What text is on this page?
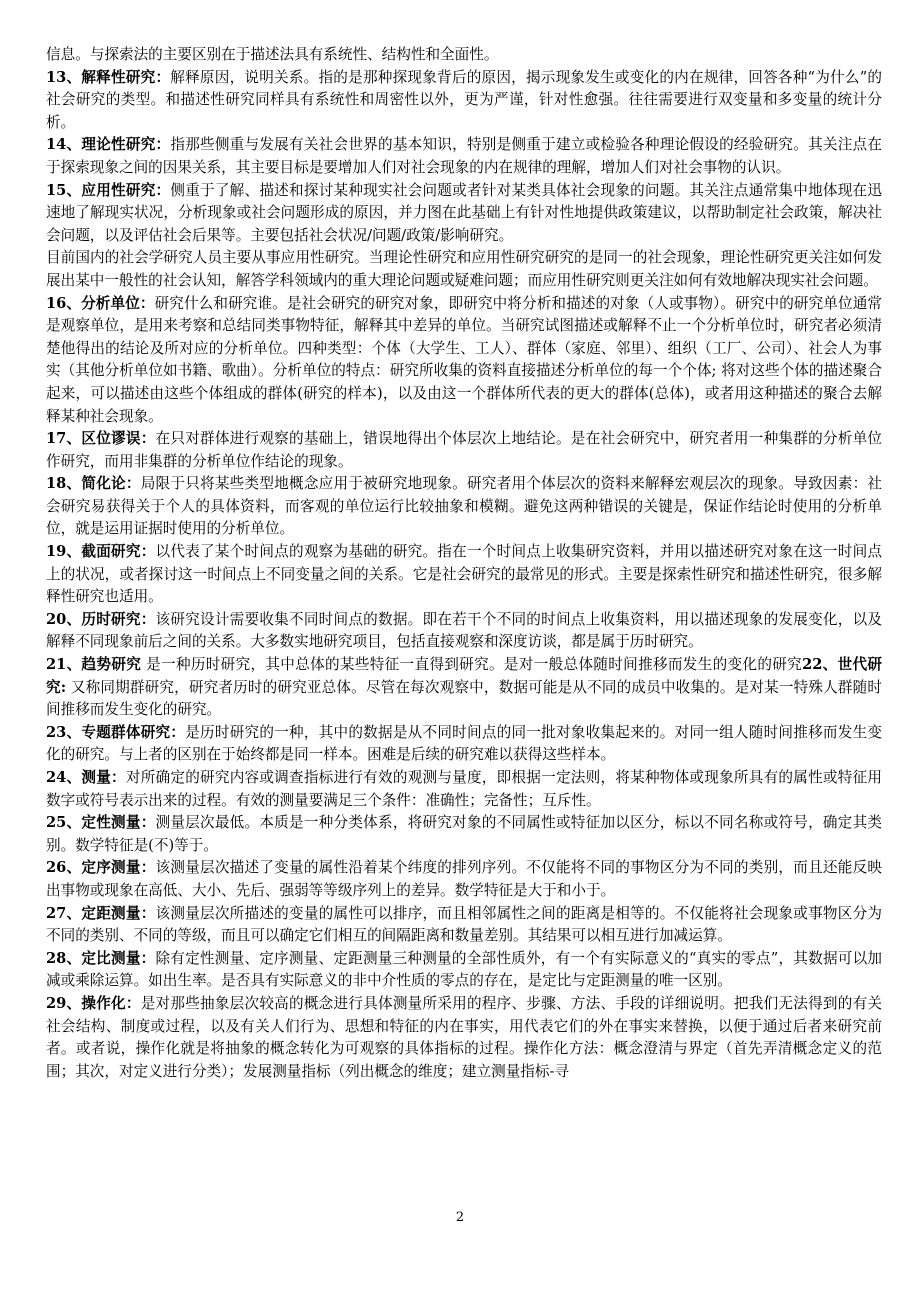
信息。与探索法的主要区别在于描述法具有系统性、结构性和全面性。

13、解释性研究：解释原因，说明关系。指的是那种探现象背后的原因，揭示现象发生或变化的内在规律，回答各种“为什么”的社会研究的类型。和描述性研究同样具有系统性和周密性以外，更为严谨，针对性愈强。往往需要进行双变量和多变量的统计分析。

14、理论性研究：指那些侧重与发展有关社会世界的基本知识，特别是侧重于建立或检验各种理论假设的经验研究。其关注点在于探索现象之间的因果关系，其主要目标是要增加人们对社会现象的内在规律的理解，增加人们对社会事物的认识。

15、应用性研究：侧重于了解、描述和探讨某种现实社会问题或者针对某类具体社会现象的问题。其关注点通常集中地体现在迅速地了解现实状况，分析现象或社会问题形成的原因，并力图在此基础上有针对性地提供政策建议，以帮助制定社会政策，解决社会问题，以及评估社会后果等。主要包括社会状况/问题/政策/影响研究。

目前国内的社会学研究人员主要从事应用性研究。当理论性研究和应用性研究研究的是同一的社会现象，理论性研究更关注如何发展出某中一般性的社会认知，解答学科领域内的重大理论问题或疑难问题；而应用性研究则更关注如何有效地解决现实社会问题。

16、分析单位：研究什么和研究谁。是社会研究的研究对象，即研究中将分析和描述的对象（人或事物）。研究中的研究单位通常是观察单位，是用来考察和总结同类事物特征，解释其中差异的单位。当研究试图描述或解释不止一个分析单位时，研究者必须清楚他得出的结论及所对应的分析单位。四种类型：个体（大学生、工人）、群体（家庭、邻里）、组织（工厂、公司）、社会人为事实（其他分析单位如书籍、歌曲）。分析单位的特点：研究所收集的资料直接描述分析单位的每一个个体; 将对这些个体的描述聚合起来，可以描述由这些个体组成的群体(研究的样本)，以及由这一个群体所代表的更大的群体(总体)，或者用这种描述的聚合去解释某种社会现象。

17、区位谬误：在只对群体进行观察的基础上，错误地得出个体层次上地结论。是在社会研究中，研究者用一种集群的分析单位作研究，而用非集群的分析单位作结论的现象。

18、简化论：局限于只将某些类型地概念应用于被研究地现象。研究者用个体层次的资料来解释宏观层次的现象。导致因素：社会研究易获得关于个人的具体资料，而客观的单位运行比较抽象和模糊。避免这两种错误的关键是，保证作结论时使用的分析单位，就是运用证据时使用的分析单位。

19、截面研究：以代表了某个时间点的观察为基础的研究。指在一个时间点上收集研究资料，并用以描述研究对象在这一时间点上的状况，或者探讨这一时间点上不同变量之间的关系。它是社会研究的最常见的形式。主要是探索性研究和描述性研究，很多解释性研究也适用。

20、历时研究：该研究设计需要收集不同时间点的数据。即在若干个不同的时间点上收集资料，用以描述现象的发展变化，以及解释不同现象前后之间的关系。大多数实地研究项目，包括直接观察和深度访谈，都是属于历时研究。

21、趋势研究 是一种历时研究，其中总体的某些特征一直得到研究。是对一般总体随时间推移而发生的变化的研究22、世代研究: 又称同期群研究，研究者历时的研究亚总体。尽管在每次观察中，数据可能是从不同的成员中收集的。是对某一特殊人群随时间推移而发生变化的研究。

23、专题群体研究：是历时研究的一种，其中的数据是从不同时间点的同一批对象收集起来的。对同一组人随时间推移而发生变化的研究。与上者的区别在于始终都是同一样本。困难是后续的研究难以获得这些样本。

24、测量：对所确定的研究内容或调查指标进行有效的观测与量度，即根据一定法则，将某种物体或现象所具有的属性或特征用数字或符号表示出来的过程。有效的测量要满足三个条件：准确性；完备性；互斥性。

25、定性测量：测量层次最低。本质是一种分类体系，将研究对象的不同属性或特征加以区分，标以不同名称或符号，确定其类别。数学特征是(不)等于。

26、定序测量：该测量层次描述了变量的属性沿着某个纬度的排列序列。不仅能将不同的事物区分为不同的类别，而且还能反映出事物或现象在高低、大小、先后、强弱等等级序列上的差异。数学特征是大于和小于。

27、定距测量：该测量层次所描述的变量的属性可以排序，而且相邻属性之间的距离是相等的。不仅能将社会现象或事物区分为不同的类别、不同的等级，而且可以确定它们相互的间隔距离和数量差别。其结果可以相互进行加减运算。

28、定比测量：除有定性测量、定序测量、定距测量三种测量的全部性质外，有一个有实际意义的“真实的零点”，其数据可以加减或乘除运算。如出生率。是否具有实际意义的非中介性质的零点的存在，是定比与定距测量的唯一区别。

29、操作化：是对那些抽象层次较高的概念进行具体测量所采用的程序、步骤、方法、手段的详细说明。把我们无法得到的有关社会结构、制度或过程，以及有关人们行为、思想和特征的内在事实，用代表它们的外在事实来替换，以便于通过后者来研究前者。或者说，操作化就是将抽象的概念转化为可观察的具体指标的过程。操作化方法：概念澄清与界定（首先弄清概念定义的范围；其次，对定义进行分类）；发展测量指标（列出概念的维度；建立测量指标-寻

2
